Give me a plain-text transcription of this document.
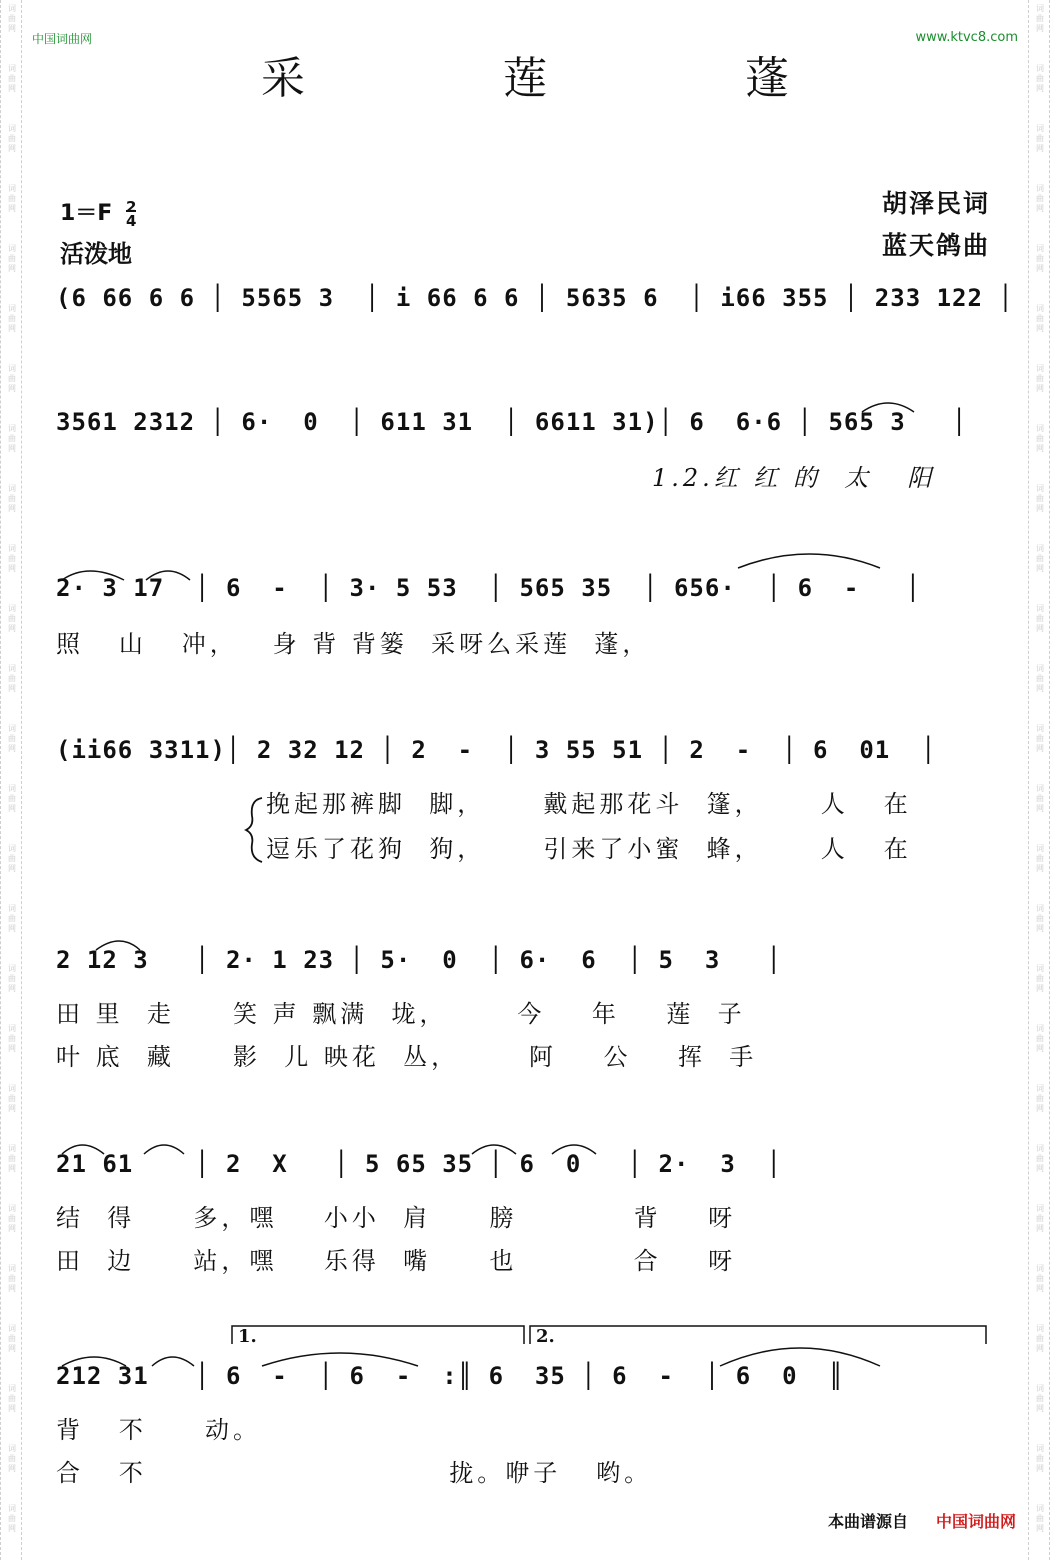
词
曲
网
词
曲
网
词
曲
网
词
曲
网
词
曲
网
词
曲
网
词
曲
网
词
曲
网
词
曲
网
词
曲
网
词
曲
网
词
曲
网
词
曲
网
词
曲
网
词
曲
网
词
曲
网
词
曲
网
词
曲
网
词
曲
网
词
曲
网
词
曲
网
词
曲
网
词
曲
网
词
曲
网
词
曲
网
词
曲
网
词
曲
网
词
曲
网
词
曲
网
词
曲
网
词
曲
网
词
曲
网
词
曲
网
词
曲
网
词
曲
网
词
曲
网
词
曲
网
词
曲
网
词
曲
网
词
曲
网
词
曲
网
词
曲
网
词
曲
网
词
曲
网
词
曲
网
词
曲
网
词
曲
网
词
曲
网
词
曲
网
词
曲
网
词
曲
网
词
曲
网
中国词曲网	www.ktvc8.com
采 莲 蓬
1＝F 2
4
活泼地
胡泽民词
蓝天鸽曲
(6 66 6 6 │ 5565 3  │ i 66 6 6 │ 5635 6  │ i66 355 │ 233 122 │
3561 2312 │ 6·  0  │ 611 31  │ 6611 31)│ 6  6·6 │ 565 3   │
1.2.红 红 的  太   阳
2· 3 17  │ 6  -  │ 3· 5 53  │ 565 35  │ 656·  │ 6  -   │
照   山   冲，   身 背 背篓  采呀么采莲  蓬，
(ii66 3311)│ 2 32 12 │ 2  -  │ 3 55 51 │ 2  -  │ 6  01  │
挽起那裤脚  脚，     戴起那花斗  篷，     人   在
逗乐了花狗  狗，     引来了小蜜  蜂，     人   在
2 12 3   │ 2· 1 23 │ 5·  0  │ 6·  6  │ 5  3   │
田 里  走     笑 声 飘满  垅，      今    年    莲  子
叶 底  藏     影  儿 映花  丛，      阿    公    挥  手
21 61    │ 2  X   │ 5 65 35 │ 6  0   │ 2·  3  │
结  得     多，嘿    小小  肩     膀          背    呀
田  边     站，嘿    乐得  嘴     也          合    呀
1.	2.
212 31   │ 6  -  │ 6  -  :║ 6  35 │ 6  -  │ 6  0  ║
背   不     动。
合   不                          拢。咿子   哟。
本曲谱源自 中国词曲网
